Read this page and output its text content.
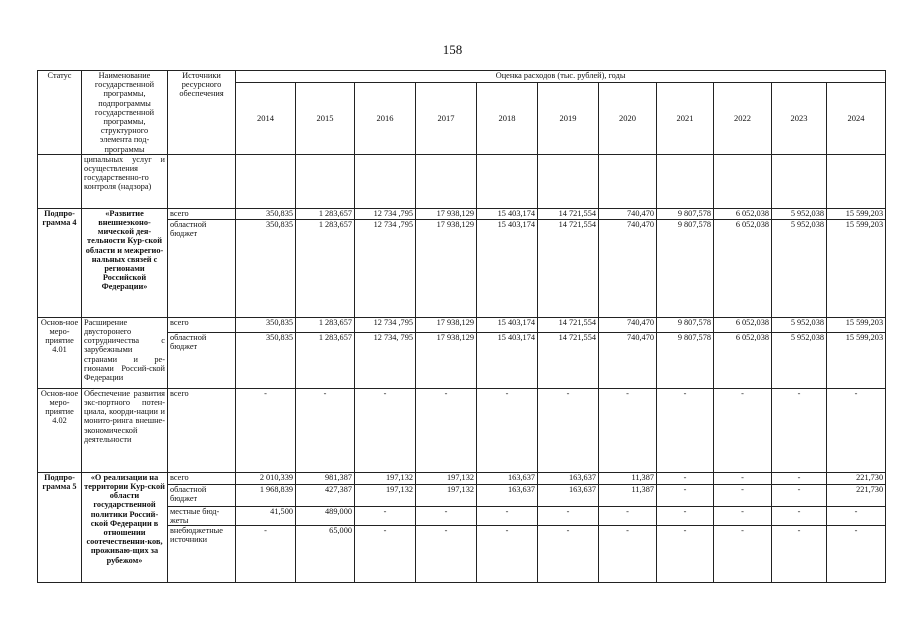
158
Статус	Наименование государственной программы, подпрограммы государственной программы, структурного элемента под-программы	Источники ресурсного обеспечения	Оценка расходов (тыс. рублей), годы										
			2014	2015	2016	2017	2018	2019	2020	2021	2022	2023	2024
	ципальных услуг и осуществления государственно-го контроля (надзора)												
Подпро-грамма 4	«Развитие внешнеэконо-мической дея-тельности Кур-ской области и межрегио-нальных связей с регионами Российской Федерации»	всего	350,835	1 283,657	12 734 ,795	17 938,129	15 403,174	14 721,554	740,470	9 807,578	6 052,038	5 952,038	15 599,203
		областной бюджет	350,835	1 283,657	12 734 ,795	17 938,129	15 403,174	14 721,554	740,470	9 807,578	6 052,038	5 952,038	15 599,203
Основ-ное меро-приятие 4.01	Расширение двусторонего сотрудничества с зарубежными странами и ре-гионами Россий-ской Федерации	всего	350,835	1 283,657	12 734 ,795	17 938,129	15 403,174	14 721,554	740,470	9 807,578	6 052,038	5 952,038	15 599,203
		областной бюджет	350,835	1 283,657	12 734, 795	17 938,129	15 403,174	14 721,554	740,470	9 807,578	6 052,038	5 952,038	15 599,203
Основ-ное меро-приятие 4.02	Обеспечение развития экс-портного потен-циала, коорди-нации и монито-ринга внешне-экономической деятельности	всего	-	-	-	-	-	-	-	-	-	-	-
Подпро-грамма 5	«О реализации на территории Кур-ской области государственной политики Россий-ской Федерации в отношении соотечественни-ков, проживаю-щих за рубежом»	всего	2 010,339	981,387	197,132	197,132	163,637	163,637	11,387	-	-	-	221,730
		областной бюджет	1 968,839	427,387	197,132	197,132	163,637	163,637	11,387	-	-	-	221,730
		местные бюд-жеты	41,500	489,000	-	-	-	-	-	-	-	-	-
		внебюджетные источники	-	65,000	-	-	-	-	-	-	-	-	-
